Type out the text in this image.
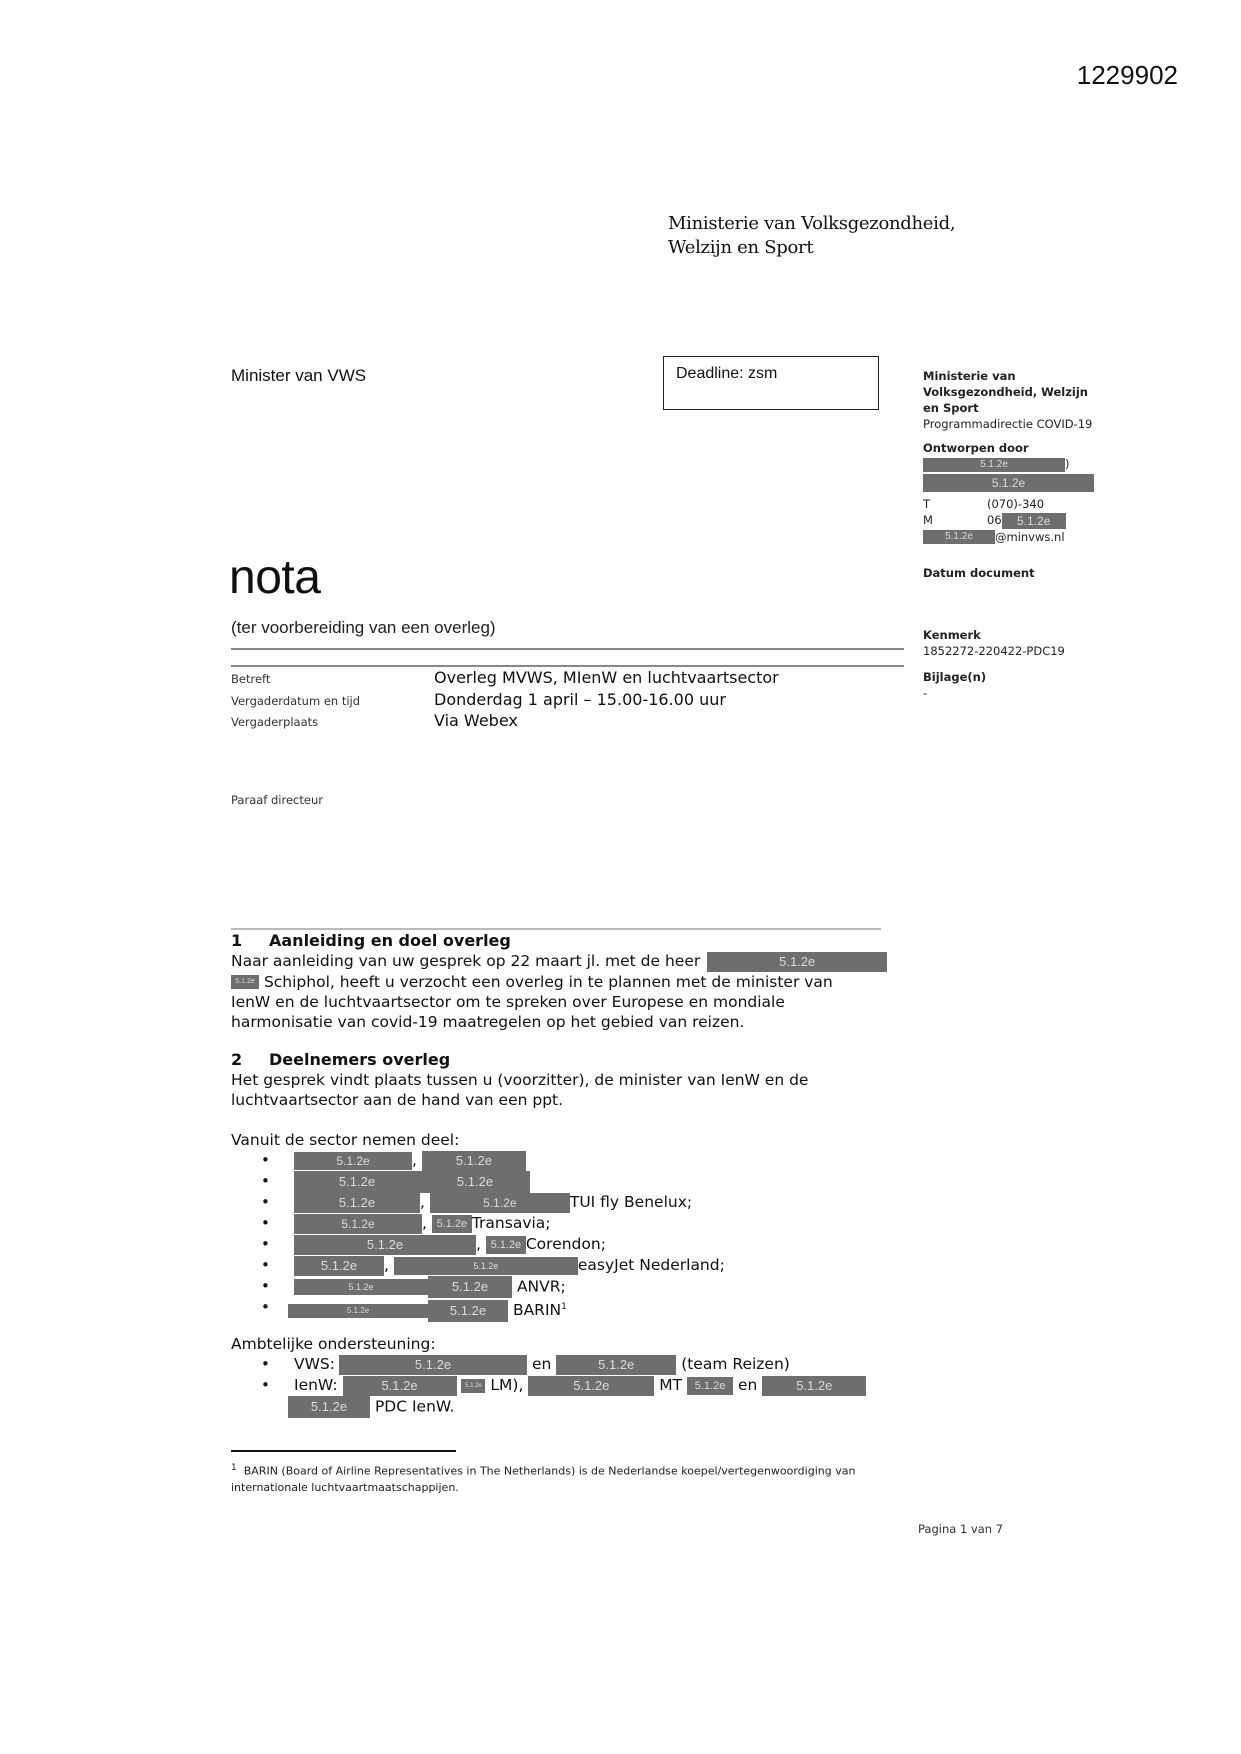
1229902
Ministerie van Volksgezondheid,
Welzijn en Sport
Minister van VWS	Deadline: zsm	Ministerie van
Volksgezondheid, Welzijn
en Sport
Programmadirectie COVID-19
Ontworpen door
5.1.2e	)
5.1.2e
T	(070)-340
M	06 5.1.2e
5.1.2e @minvws.nl
Datum document
Kenmerk
1852272-220422-PDC19
Bijlage(n)
-
nota
(ter voorbereiding van een overleg)
Betreft	Overleg MVWS, MIenW en luchtvaartsector
Vergaderdatum en tijd	Donderdag 1 april – 15.00-16.00 uur
Vergaderplaats	Via Webex
Paraaf directeur
1 Aanleiding en doel overleg
Naar aanleiding van uw gesprek op 22 maart jl. met de heer	5.1.2e
5.1.2e Schiphol, heeft u verzocht een overleg in te plannen met de minister van
IenW en de luchtvaartsector om te spreken over Europese en mondiale
harmonisatie van covid-19 maatregelen op het gebied van reizen.
2 Deelnemers overleg
Het gesprek vindt plaats tussen u (voorzitter), de minister van IenW en de
luchtvaartsector aan de hand van een ppt.
Vanuit de sector nemen deel:
• 5.1.2e	,	5.1.2e
• 5.1.2e	5.1.2e
• 5.1.2e	,	5.1.2e	TUI fly Benelux;
• 5.1.2e	, 5.1.2e Transavia;
• 5.1.2e	, 5.1.2e Corendon;
• 5.1.2e ,	5.1.2e	easyJet Nederland;
• 5.1.2e	5.1.2e ANVR;
• 5.1.2e	5.1.2e BARIN$^1$
Ambtelijke ondersteuning:
• VWS:	5.1.2e	en	5.1.2e	(team Reizen)
• IenW:	5.1.2e	5.1.2e LM),	5.1.2e	MT 5.1.2e en	5.1.2e
5.1.2e PDC IenW.
$^1$ BARIN (Board of Airline Representatives in The Netherlands) is de Nederlandse koepel/vertegenwoordiging van internationale luchtvaartmaatschappijen.
Pagina 1 van 7
